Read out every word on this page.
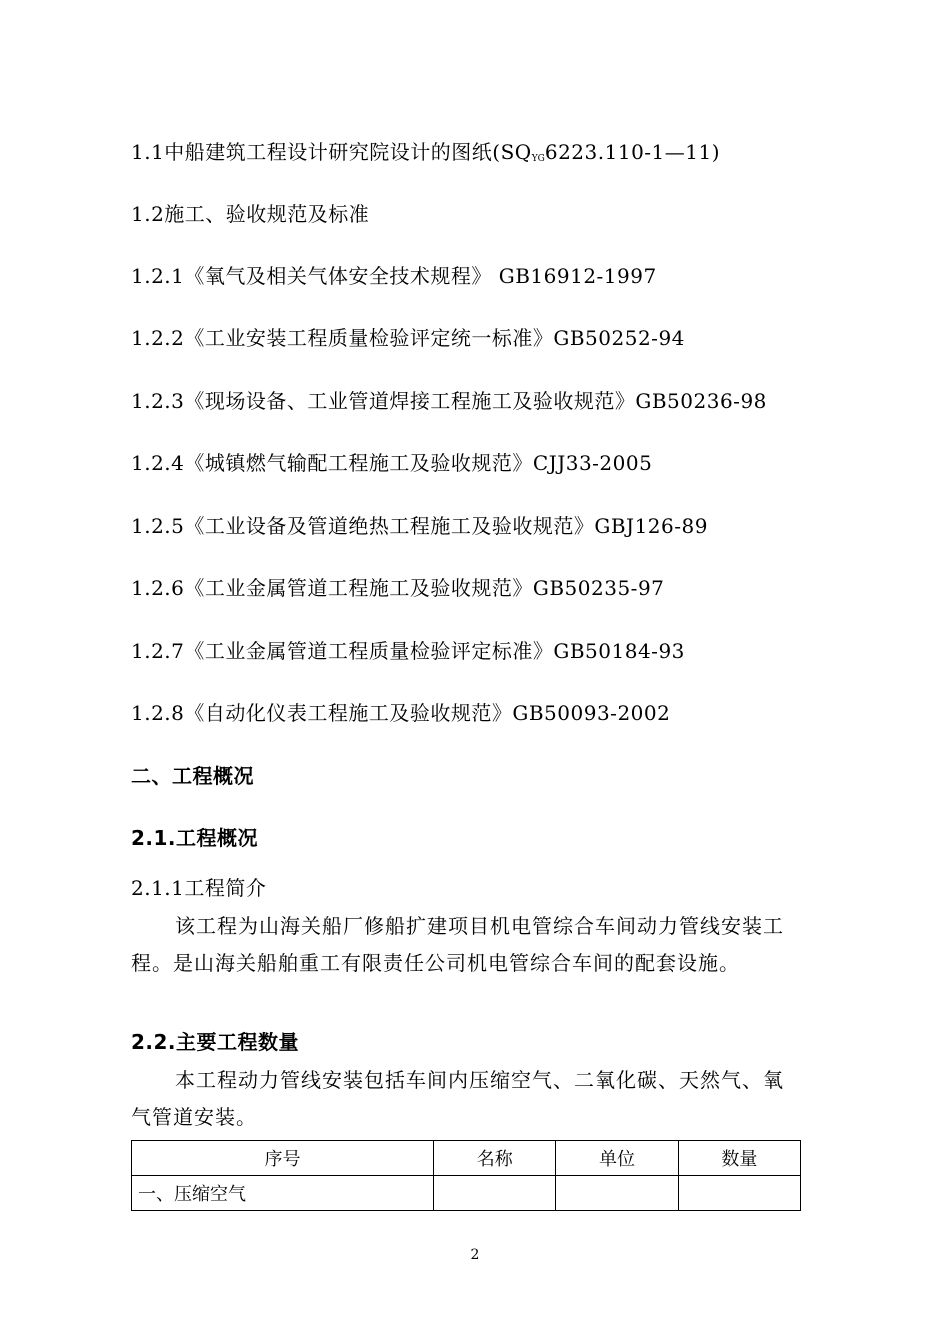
1.1中船建筑工程设计研究院设计的图纸$(SQ_{YG}6223.110-1—11)$
1.2施工、验收规范及标准
1.2.1《氧气及相关气体安全技术规程》 GB16912-1997
1.2.2《工业安装工程质量检验评定统一标准》GB50252-94
1.2.3《现场设备、工业管道焊接工程施工及验收规范》GB50236-98
1.2.4《城镇燃气输配工程施工及验收规范》CJJ33-2005
1.2.5《工业设备及管道绝热工程施工及验收规范》GBJ126-89
1.2.6《工业金属管道工程施工及验收规范》GB50235-97
1.2.7《工业金属管道工程质量检验评定标准》GB50184-93
1.2.8《自动化仪表工程施工及验收规范》GB50093-2002
二、工程概况
2.1.工程概况
2.1.1工程简介
该工程为山海关船厂修船扩建项目机电管综合车间动力管线安装工程。是山海关船舶重工有限责任公司机电管综合车间的配套设施。
2.2.主要工程数量
本工程动力管线安装包括车间内压缩空气、二氧化碳、天然气、氧气管道安装。
序号	名称	单位	数量
一、压缩空气			
2
